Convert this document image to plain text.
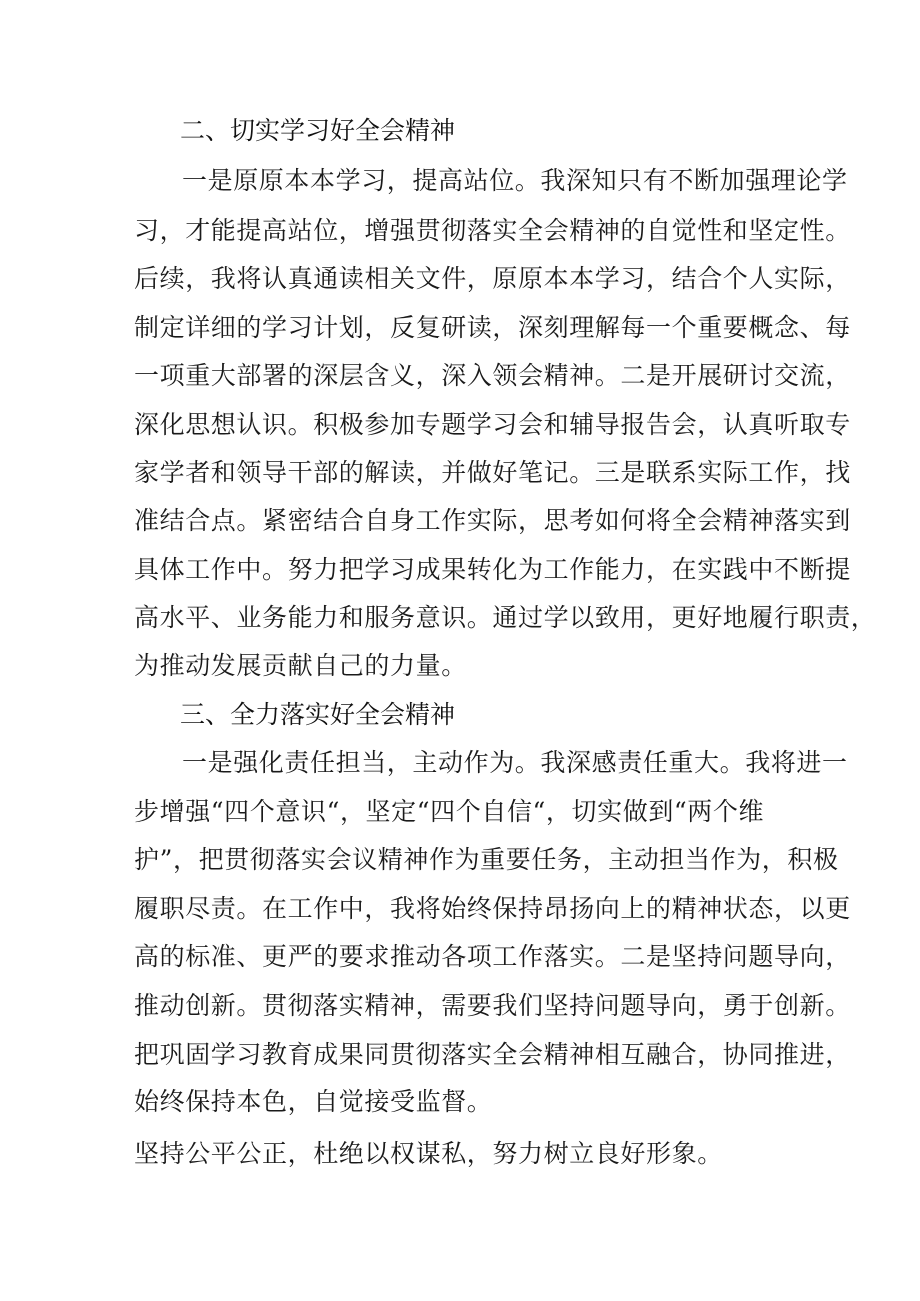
二、切实学习好全会精神
一是原原本本学习，提高站位。我深知只有不断加强理论学
习，才能提高站位，增强贯彻落实全会精神的自觉性和坚定性。
后续，我将认真通读相关文件，原原本本学习，结合个人实际，
制定详细的学习计划，反复研读，深刻理解每一个重要概念、每
一项重大部署的深层含义，深入领会精神。二是开展研讨交流，
深化思想认识。积极参加专题学习会和辅导报告会，认真听取专
家学者和领导干部的解读，并做好笔记。三是联系实际工作，找
准结合点。紧密结合自身工作实际，思考如何将全会精神落实到
具体工作中。努力把学习成果转化为工作能力，在实践中不断提
高水平、业务能力和服务意识。通过学以致用，更好地履行职责，
为推动发展贡献自己的力量。
三、全力落实好全会精神
一是强化责任担当，主动作为。我深感责任重大。我将进一
步增强“四个意识“，坚定“四个自信“，切实做到“两个维
护”，把贯彻落实会议精神作为重要任务，主动担当作为，积极
履职尽责。在工作中，我将始终保持昂扬向上的精神状态，以更
高的标准、更严的要求推动各项工作落实。二是坚持问题导向，
推动创新。贯彻落实精神，需要我们坚持问题导向，勇于创新。
把巩固学习教育成果同贯彻落实全会精神相互融合，协同推进，
始终保持本色，自觉接受监督。
坚持公平公正，杜绝以权谋私，努力树立良好形象。
